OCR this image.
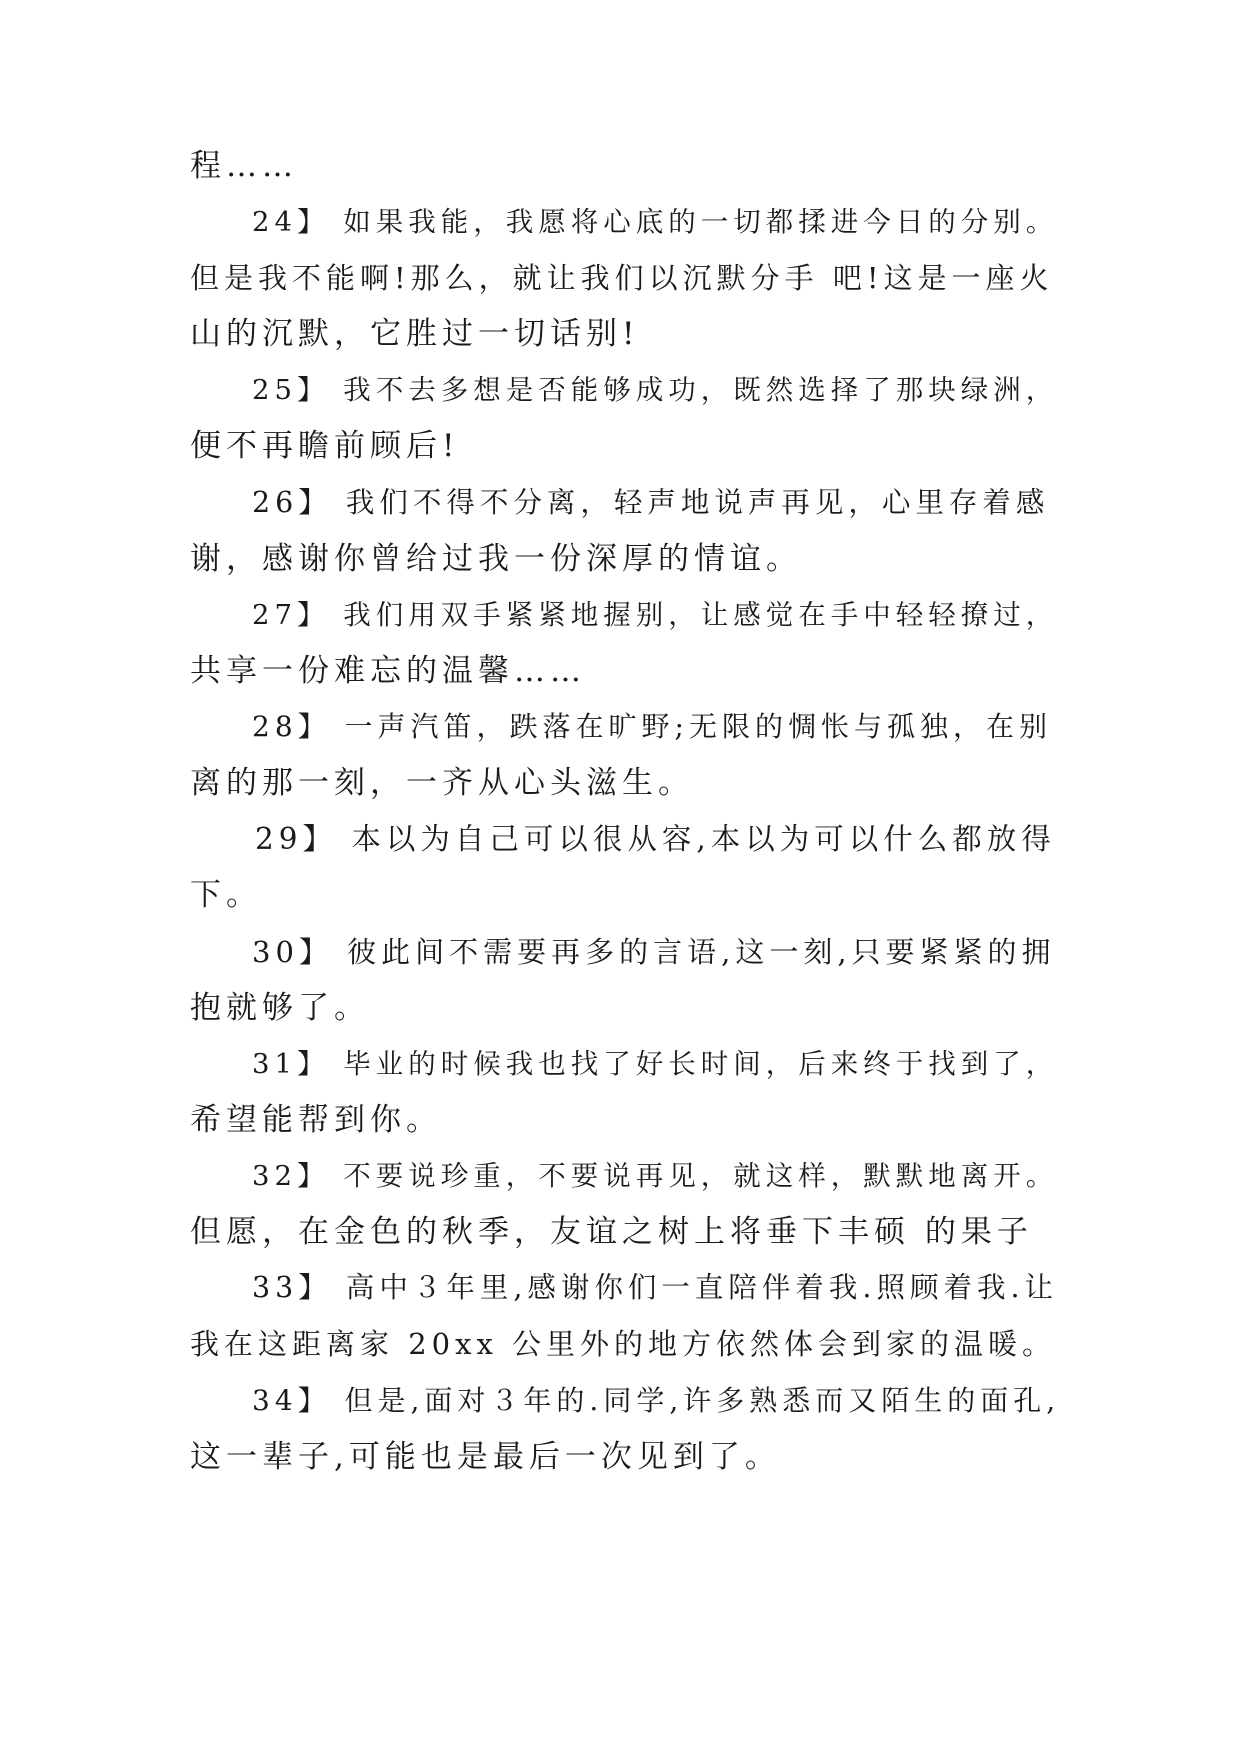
程……
24】 如果我能，我愿将心底的一切都揉进今日的分别。
但是我不能啊!那么，就让我们以沉默分手 吧!这是一座火
山的沉默，它胜过一切话别!
25】 我不去多想是否能够成功，既然选择了那块绿洲，
便不再瞻前顾后!
26】 我们不得不分离，轻声地说声再见，心里存着感
谢，感谢你曾给过我一份深厚的情谊。
27】 我们用双手紧紧地握别，让感觉在手中轻轻撩过，
共享一份难忘的温馨……
28】 一声汽笛，跌落在旷野;无限的惆怅与孤独，在别
离的那一刻，一齐从心头滋生。
29】 本以为自己可以很从容,本以为可以什么都放得
下。
30】 彼此间不需要再多的言语,这一刻,只要紧紧的拥
抱就够了。
31】 毕业的时候我也找了好长时间，后来终于找到了，
希望能帮到你。
32】 不要说珍重，不要说再见，就这样，默默地离开。
但愿，在金色的秋季，友谊之树上将垂下丰硕 的果子
33】 高中３年里,感谢你们一直陪伴着我.照顾着我.让
我在这距离家 20xx 公里外的地方依然体会到家的温暖。
34】 但是,面对３年的.同学,许多熟悉而又陌生的面孔,
这一辈子,可能也是最后一次见到了。
